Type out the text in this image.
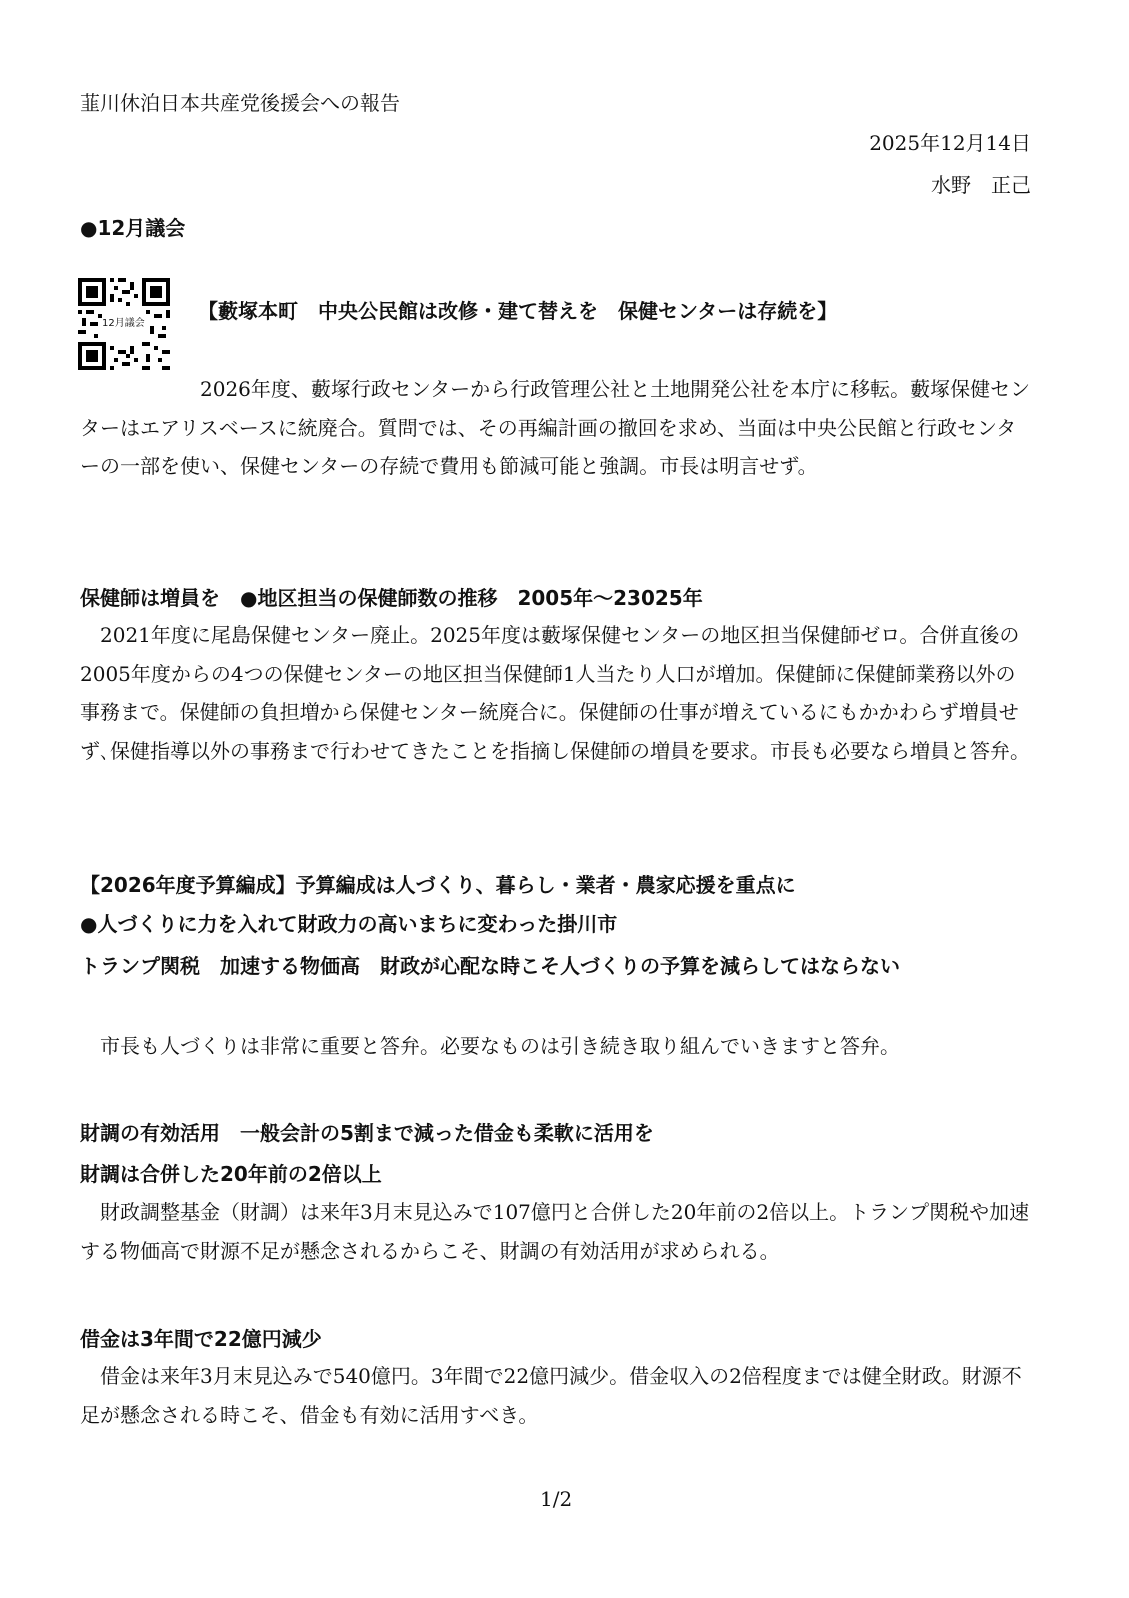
韮川休泊日本共産党後援会への報告
2025年12月14日
水野　正己
●12月議会
12月議会
【藪塚本町　中央公民館は改修・建て替えを　保健センターは存続を】
　　　　　　2026年度、藪塚行政センターから行政管理公社と土地開発公社を本庁に移転。藪塚保健センターはエアリスベースに統廃合。質問では、その再編計画の撤回を求め、当面は中央公民館と行政センターの一部を使い、保健センターの存続で費用も節減可能と強調。市長は明言せず。
保健師は増員を　●地区担当の保健師数の推移　2005年〜23025年
　2021年度に尾島保健センター廃止。2025年度は藪塚保健センターの地区担当保健師ゼロ。合併直後の2005年度からの4つの保健センターの地区担当保健師1人当たり人口が増加。保健師に保健師業務以外の事務まで。保健師の負担増から保健センター統廃合に。保健師の仕事が増えているにもかかわらず増員せず､保健指導以外の事務まで行わせてきたことを指摘し保健師の増員を要求。市長も必要なら増員と答弁。
【2026年度予算編成】予算編成は人づくり、暮らし・業者・農家応援を重点に
●人づくりに力を入れて財政力の高いまちに変わった掛川市
トランプ関税　加速する物価高　財政が心配な時こそ人づくりの予算を減らしてはならない
　市長も人づくりは非常に重要と答弁。必要なものは引き続き取り組んでいきますと答弁。
財調の有効活用　一般会計の5割まで減った借金も柔軟に活用を
財調は合併した20年前の2倍以上
　財政調整基金（財調）は来年3月末見込みで107億円と合併した20年前の2倍以上。トランプ関税や加速する物価高で財源不足が懸念されるからこそ、財調の有効活用が求められる。
借金は3年間で22億円減少
　借金は来年3月末見込みで540億円。3年間で22億円減少。借金収入の2倍程度までは健全財政。財源不足が懸念される時こそ、借金も有効に活用すべき。
1/2
